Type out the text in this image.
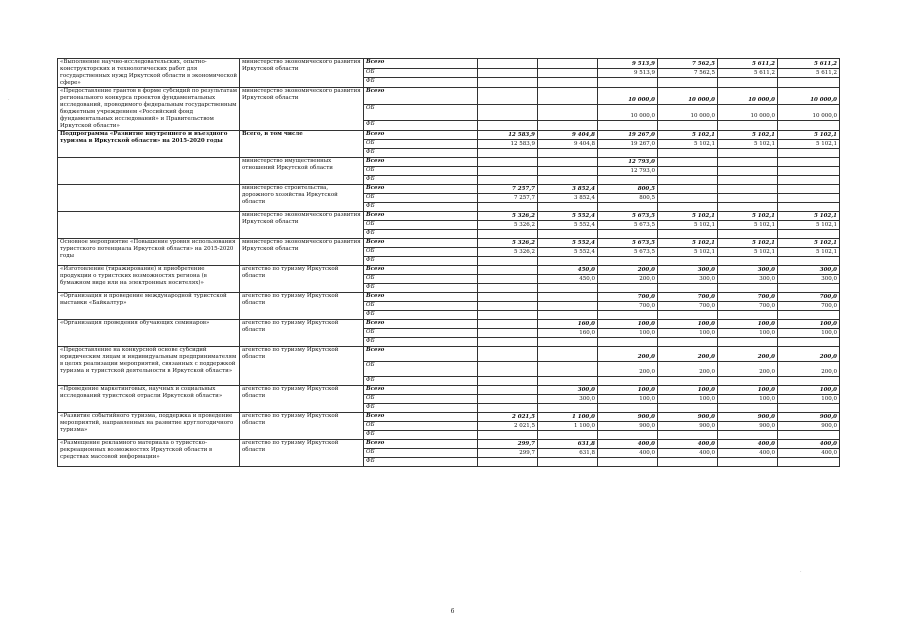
«Выполнение научно-исследовательских, опытно-конструкторских и технологических работ для государственных нужд Иркутской области в экономической сфере»	министерство экономического развития Иркутской области	Всего			9 513,9	7 562,5	5 611,2	5 611,2
		ОБ			9 513,9	7 562,5	5 611,2	5 611,2
		ФБ						
«Предоставление грантов в форме субсидий по результатам регионального конкурса проектов фундаментальных исследований, проводимого федеральным государственным бюджетным учреждением «Российский фонд фундаментальных исследований» и Правительством Иркутской области»	министерство экономического развития Иркутской области	Всего			10 000,0	10 000,0	10 000,0	10 000,0
		ОБ			10 000,0	10 000,0	10 000,0	10 000,0
		ФБ						
Подпрограмма «Развитие внутреннего и въездного туризма в Иркутской области» на 2015-2020 годы	Всего, в том числе	Всего	12 583,9	9 404,8	19 267,0	5 102,1	5 102,1	5 102,1
		ОБ	12 583,9	9 404,8	19 267,0	5 102,1	5 102,1	5 102,1
		ФБ						
	министерство имущественных отношений Иркутской области	Всего			12 793,0			
		ОБ			12 793,0			
		ФБ						
	министерство строительства, дорожного хозяйства Иркутской области	Всего	7 257,7	3 852,4	800,5			
		ОБ	7 257,7	3 852,4	800,5			
		ФБ						
	министерство экономического развития Иркутской области	Всего	5 326,2	5 552,4	5 673,5	5 102,1	5 102,1	5 102,1
		ОБ	5 326,2	5 552,4	5 673,5	5 102,1	5 102,1	5 102,1
		ФБ						
Основное мероприятие «Повышение уровня использования туристского потенциала Иркутской области» на 2015-2020 годы	министерство экономического развития Иркутской области	Всего	5 326,2	5 552,4	5 673,5	5 102,1	5 102,1	5 102,1
		ОБ	5 326,2	5 552,4	5 673,5	5 102,1	5 102,1	5 102,1
		ФБ						
«Изготовление (тиражирование) и приобретение продукции о туристских возможностях региона (в бумажном виде или на электронных носителях)»	агентство по туризму Иркутской области	Всего		450,0	200,0	300,0	300,0	300,0
		ОБ		450,0	200,0	300,0	300,0	300,0
		ФБ						
«Организация и проведение международной туристской выставки «Байкалтур»	агентство по туризму Иркутской области	Всего			700,0	700,0	700,0	700,0
		ОБ			700,0	700,0	700,0	700,0
		ФБ						
«Организация проведения обучающих семинаров»	агентство по туризму Иркутской области	Всего		160,0	100,0	100,0	100,0	100,0
		ОБ		160,0	100,0	100,0	100,0	100,0
		ФБ						
«Предоставление на конкурсной основе субсидий юридическим лицам и индивидуальным предпринимателям в целях реализации мероприятий, связанных с поддержкой туризма и туристской деятельности в Иркутской области»	агентство по туризму Иркутской области	Всего			200,0	200,0	200,0	200,0
		ОБ			200,0	200,0	200,0	200,0
		ФБ						
«Проведение маркетинговых, научных и социальных исследований туристской отрасли Иркутской области»	агентство по туризму Иркутской области	Всего		300,0	100,0	100,0	100,0	100,0
		ОБ		300,0	100,0	100,0	100,0	100,0
		ФБ						
«Развитие событийного туризма, поддержка и проведение мероприятий, направленных на развитие круглогодичного туризма»	агентство по туризму Иркутской области	Всего	2 021,5	1 100,0	900,0	900,0	900,0	900,0
		ОБ	2 021,5	1 100,0	900,0	900,0	900,0	900,0
		ФБ						
«Размещение рекламного материала о туристско-рекреационных возможностях Иркутской области в средствах массовой информации»	агентство по туризму Иркутской области	Всего	299,7	631,8	400,0	400,0	400,0	400,0
		ОБ	299,7	631,8	400,0	400,0	400,0	400,0
		ФБ						
·
·
6
